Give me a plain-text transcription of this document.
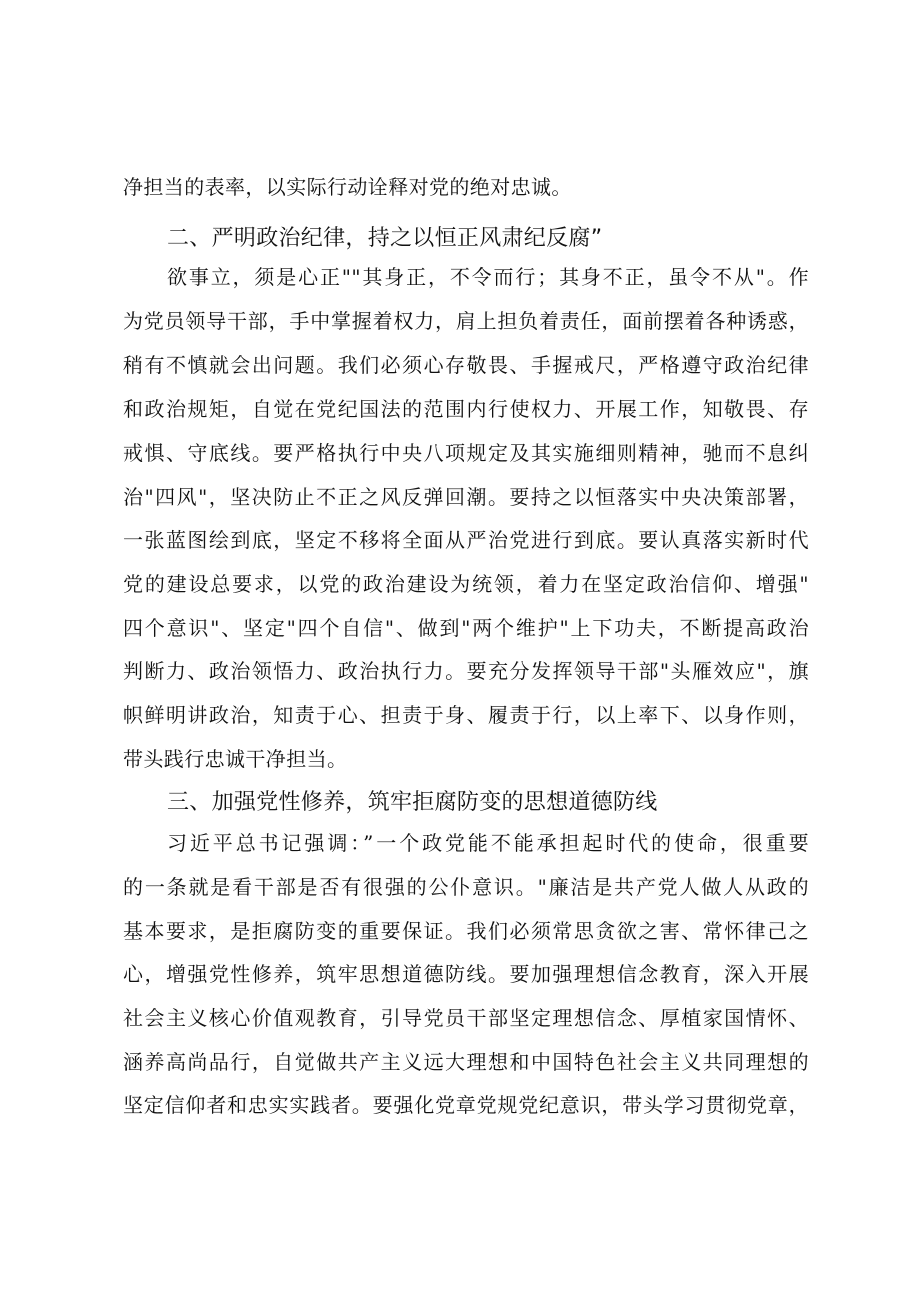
净担当的表率，以实际行动诠释对党的绝对忠诚。
二、严明政治纪律，持之以恒正风肃纪反腐”
欲事立，须是心正""其身正，不令而行；其身不正，虽令不从"。作
为党员领导干部，手中掌握着权力，肩上担负着责任，面前摆着各种诱惑，
稍有不慎就会出问题。我们必须心存敬畏、手握戒尺，严格遵守政治纪律
和政治规矩，自觉在党纪国法的范围内行使权力、开展工作，知敬畏、存
戒惧、守底线。要严格执行中央八项规定及其实施细则精神，驰而不息纠
治"四风"，坚决防止不正之风反弹回潮。要持之以恒落实中央决策部署，
一张蓝图绘到底，坚定不移将全面从严治党进行到底。要认真落实新时代
党的建设总要求，以党的政治建设为统领，着力在坚定政治信仰、增强"
四个意识"、坚定"四个自信"、做到"两个维护"上下功夫，不断提高政治
判断力、政治领悟力、政治执行力。要充分发挥领导干部"头雁效应"，旗
帜鲜明讲政治，知责于心、担责于身、履责于行，以上率下、以身作则，
带头践行忠诚干净担当。
三、加强党性修养，筑牢拒腐防变的思想道德防线
习近平总书记强调：”一个政党能不能承担起时代的使命，很重要
的一条就是看干部是否有很强的公仆意识。"廉洁是共产党人做人从政的
基本要求，是拒腐防变的重要保证。我们必须常思贪欲之害、常怀律己之
心，增强党性修养，筑牢思想道德防线。要加强理想信念教育，深入开展
社会主义核心价值观教育，引导党员干部坚定理想信念、厚植家国情怀、
涵养高尚品行，自觉做共产主义远大理想和中国特色社会主义共同理想的
坚定信仰者和忠实实践者。要强化党章党规党纪意识，带头学习贯彻党章，
